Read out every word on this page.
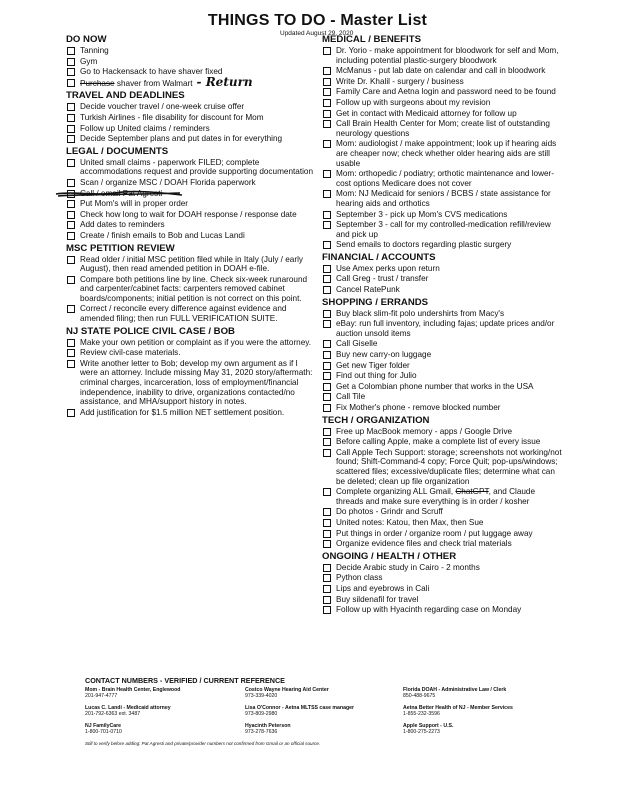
THINGS TO DO - Master List
Updated August 29, 2020
DO NOW
Tanning
Gym
Go to Hackensack to have shaver fixed
Purchase shaver from Walmart - Return
TRAVEL AND DEADLINES
Decide voucher travel / one-week cruise offer
Turkish Airlines - file disability for discount for Mom
Follow up United claims / reminders
Decide September plans and put dates in for everything
LEGAL / DOCUMENTS
United small claims - paperwork FILED; complete accommodations request and provide supporting documentation
Scan / organize MSC / DOAH Florida paperwork
Call / email Pat Agresti
Put Mom's will in proper order
Check how long to wait for DOAH response / response date
Add dates to reminders
Create / finish emails to Bob and Lucas Landi
MSC PETITION REVIEW
Read older / initial MSC petition filed while in Italy (July / early August), then read amended petition in DOAH e-file.
Compare both petitions line by line. Check six-week runaround and carpenter/cabinet facts: carpenters removed cabinet boards/components; initial petition is not correct on this point.
Correct / reconcile every difference against evidence and amended filing; then run FULL VERIFICATION SUITE.
NJ STATE POLICE CIVIL CASE / BOB
Make your own petition or complaint as if you were the attorney.
Review civil-case materials.
Write another letter to Bob; develop my own argument as if I were an attorney. Include missing May 31, 2020 story/aftermath: criminal charges, incarceration, loss of employment/financial independence, inability to drive, organizations contacted/no assistance, and MHA/support history in notes.
Add justification for $1.5 million NET settlement position.
MEDICAL / BENEFITS
Dr. Yorio - make appointment for bloodwork for self and Mom, including potential plastic-surgery bloodwork
McManus - put lab date on calendar and call in bloodwork
Write Dr. Khalil - surgery / business
Family Care and Aetna login and password need to be found
Follow up with surgeons about my revision
Get in contact with Medicaid attorney for follow up
Call Brain Health Center for Mom; create list of outstanding neurology questions
Mom: audiologist / make appointment; look up if hearing aids are cheaper now; check whether older hearing aids are still usable
Mom: orthopedic / podiatry; orthotic maintenance and lower-cost options Medicare does not cover
Mom: NJ Medicaid for seniors / BCBS / state assistance for hearing aids and orthotics
September 3 - pick up Mom's CVS medications
September 3 - call for my controlled-medication refill/review and pick up
Send emails to doctors regarding plastic surgery
FINANCIAL / ACCOUNTS
Use Amex perks upon return
Call Greg - trust / transfer
Cancel RatePunk
SHOPPING / ERRANDS
Buy black slim-fit polo undershirts from Macy's
eBay: run full inventory, including fajas; update prices and/or auction unsold items
Call Giselle
Buy new carry-on luggage
Get new Tiger folder
Find out thing for Julio
Get a Colombian phone number that works in the USA
Call Tile
Fix Mother's phone - remove blocked number
TECH / ORGANIZATION
Free up MacBook memory - apps / Google Drive
Before calling Apple, make a complete list of every issue
Call Apple Tech Support: storage; screenshots not working/not found; Shift-Command-4 copy; Force Quit; pop-ups/windows; scattered files; excessive/duplicate files; determine what can be deleted; clean up file organization
Complete organizing ALL Gmail, ChatGPT, and Claude threads and make sure everything is in order / kosher
Do photos - Grindr and Scruff
United notes: Katou, then Max, then Sue
Put things in order / organize room / put luggage away
Organize evidence files and check trial materials
ONGOING / HEALTH / OTHER
Decide Arabic study in Cairo - 2 months
Python class
Lips and eyebrows in Cali
Buy sildenafil for travel
Follow up with Hyacinth regarding case on Monday
CONTACT NUMBERS - VERIFIED / CURRENT REFERENCE
Mom - Brain Health Center, Englewood
201-947-4777
Costco Wayne Hearing Aid Center
973-339-4020
Florida DOAH - Administrative Law / Clerk
850-488-9675
Lucas C. Landi - Medicaid attorney
201-792-6363 ext. 3487
Lisa O'Connor - Aetna MLTSS case manager
973-809-2980
Aetna Better Health of NJ - Member Services
1-855-232-3596
NJ FamilyCare
1-800-701-0710
Hyacinth Peterson
973-278-7636
Apple Support - U.S.
1-800-275-2273
Still to verify before adding: Pat Agresti and private/provider numbers not confirmed from Gmail or an official source.
